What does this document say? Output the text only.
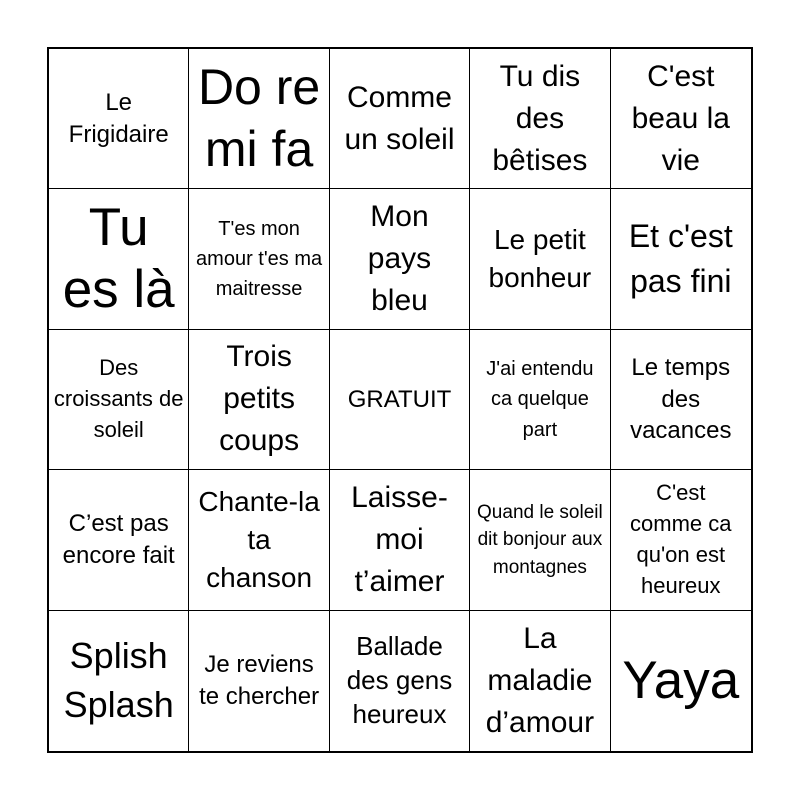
Le Frigidaire
Do re mi fa
Comme un soleil
Tu dis des bêtises
C'est beau la vie
Tu es là
T'es mon amour t'es ma maitresse
Mon pays bleu
Le petit bonheur
Et c'est pas fini
Des croissants de soleil
Trois petits coups
GRATUIT
J'ai entendu ca quelque part
Le temps des vacances
C’est pas encore fait
Chante-la ta chanson
Laisse-moi t’aimer
Quand le soleil dit bonjour aux montagnes
C'est comme ca qu'on est heureux
Splish Splash
Je reviens te chercher
Ballade des gens heureux
La maladie d’amour
Yaya
